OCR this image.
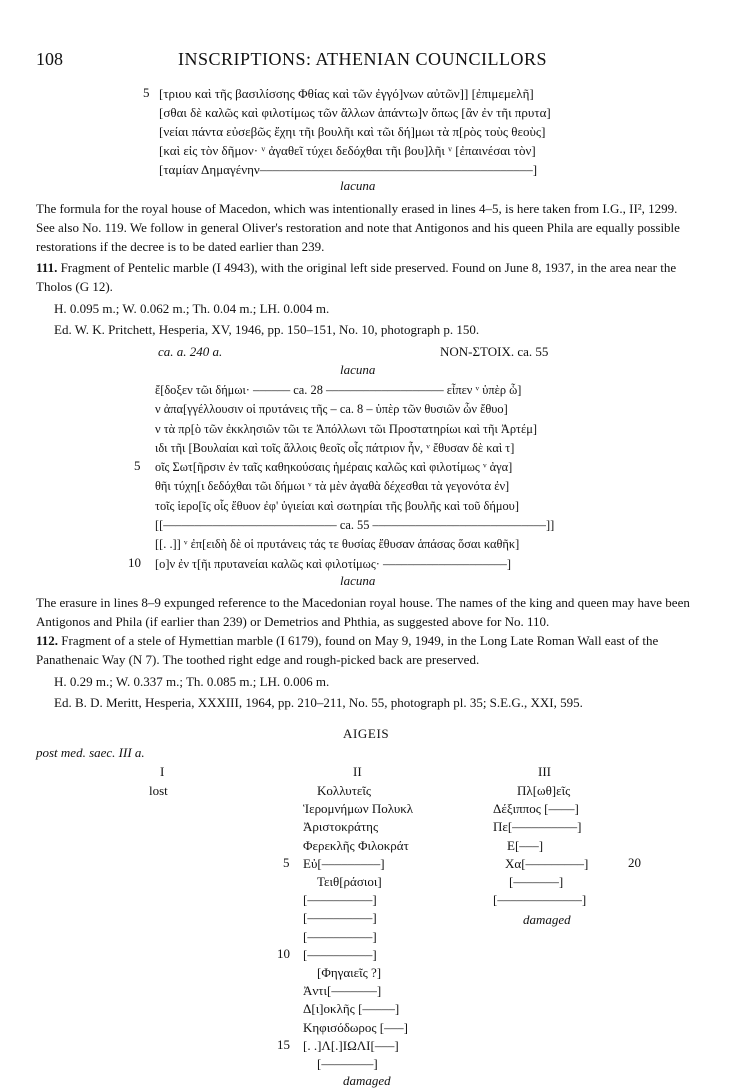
108	INSCRIPTIONS: ATHENIAN COUNCILLORS
5 [τριου καὶ τῆς βασιλίσσης Φθίας καὶ τῶν ἐγγό]νων αὐτῶν]] [ἐπιμεμελῆ]
[σθαι δὲ καλῶς καὶ φιλοτίμως τῶν ἄλλων ἁπάντω]ν ὅπως [ἂν ἐν τῆι πρυτα]
[νείαι πάντα εὐσεβῶς ἔχηι τῆι βουλῆι καὶ τῶι δή]μωι τὰ π[ρὸς τοὺς θεοὺς]
[καὶ εἰς τὸν δῆμον· ᵛ ἀγαθεῖ τύχει δεδόχθαι τῆι βου]λῆι ᵛ [ἐπαινέσαι τὸν]
[ταμίαν Δημαγένην––––––––––––––––––––––––––––––––––––––––––]
lacuna
The formula for the royal house of Macedon, which was intentionally erased in lines 4–5, is here taken from I.G., II², 1299. See also No. 119. We follow in general Oliver's restoration and note that Antigonos and his queen Phila are equally possible restorations if the decree is to be dated earlier than 239.
111. Fragment of Pentelic marble (I 4943), with the original left side preserved. Found on June 8, 1937, in the area near the Tholos (G 12).
H. 0.095 m.; W. 0.062 m.; Th. 0.04 m.; LH. 0.004 m.
Ed. W. K. Pritchett, Hesperia, XV, 1946, pp. 150–151, No. 10, photograph p. 150.
ca. a. 240 a.	NON-ΣΤΟΙΧ. ca. 55
lacuna
ἔ[δοξεν τῶι δήμωι· –––––– ca. 28 ––––––––––––––––––– εἶπεν ᵛ ὑπὲρ ὧ]
ν ἀπα[γγέλλουσιν οἱ πρυτάνεις τῆς – ca. 8 – ὑπὲρ τῶν θυσιῶν ὧν ἔθυο]
ν τὰ πρ[ὸ τῶν ἐκκλησιῶν τῶι τε Ἀπόλλωνι τῶι Προστατηρίωι καὶ τῆι Ἀρτέμ]
ιδι τῆι [Βουλαίαι καὶ τοῖς ἄλλοις θεοῖς οἷς πάτριον ἦν, ᵛ ἔθυσαν δὲ καὶ τ]
οῖς Σωτ[ῆρσιν ἐν ταῖς καθηκούσαις ἡμέραις καλῶς καὶ φιλοτίμως ᵛ ἀγα]
θῆι τύχη[ι δεδόχθαι τῶι δήμωι ᵛ τὰ μὲν ἀγαθὰ δέχεσθαι τὰ γεγονότα ἐν]
τοῖς ἱερο[ῖς οἷς ἔθυον ἐφ' ὑγιείαι καὶ σωτηρίαι τῆς βουλῆς καὶ τοῦ δήμου]
[[–––––––––––––––––––––––––––– ca. 55 ––––––––––––––––––––––––––––]]
[[. .]] ᵛ ἐπ[ειδὴ δὲ οἱ πρυτάνεις τάς τε θυσίας ἔθυσαν ἁπάσας ὅσαι καθῆκ]
[ο]ν ἐν τ[ῆι πρυτανείαι καλῶς καὶ φιλοτίμως· ––––––––––––––––––––]
5
10
lacuna
The erasure in lines 8–9 expunged reference to the Macedonian royal house. The names of the king and queen may have been Antigonos and Phila (if earlier than 239) or Demetrios and Phthia, as suggested above for No. 110.
112. Fragment of a stele of Hymettian marble (I 6179), found on May 9, 1949, in the Long Late Roman Wall east of the Panathenaic Way (N 7). The toothed right edge and rough-picked back are preserved.
H. 0.29 m.; W. 0.337 m.; Th. 0.085 m.; LH. 0.006 m.
Ed. B. D. Meritt, Hesperia, XXXIII, 1964, pp. 210–211, No. 55, photograph pl. 35; S.E.G., XXI, 595.
AIGEIS
post med. saec. III a.
I
lost
II
Κολλυτεῖς
Ἱερομνήμων Πολυκλ
Ἀριστοκράτης
Φερεκλῆς Φιλοκράτ
Εὐ[–––––––––]
Τειθ[ράσιοι]
[––––––––––]
[––––––––––]
[––––––––––]
[––––––––––]
[Φηγαιεῖς ?]
Ἀντι[–––––––]
Δ[ι]οκλῆς [–––––]
Κηφισόδωρος [–––]
[. .]Λ[.]ΙΩΛΙ[–––]
[––––––––]
5
10
15
damaged
III
Πλ[ωθ]εῖς
Δέξιππος [––––]
Πε[––––––––––]
Ε[–––]
Χα[–––––––––]
[–––––––]
[–––––––––––––]
20
damaged
